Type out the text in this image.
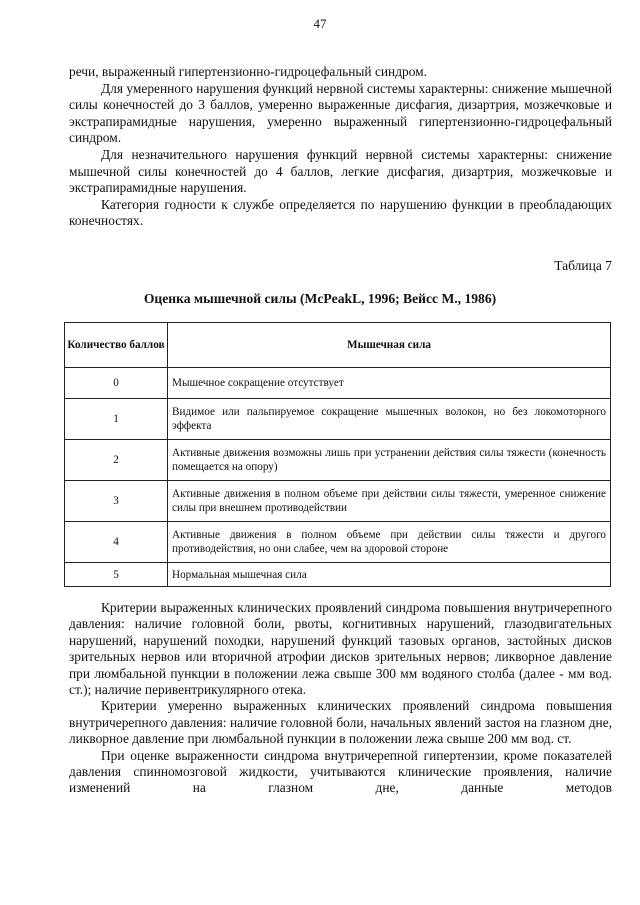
47

речи, выраженный гипертензионно-гидроцефальный синдром.

Для умеренного нарушения функций нервной системы характерны: снижение мышечной силы конечностей до 3 баллов, умеренно выраженные дисфагия, дизартрия, мозжечковые и экстрапирамидные нарушения, умеренно выраженный гипертензионно-гидроцефальный синдром.

Для незначительного нарушения функций нервной системы характерны: снижение мышечной силы конечностей до 4 баллов, легкие дисфагия, дизартрия, мозжечковые и экстрапирамидные нарушения.

Категория годности к службе определяется по нарушению функции в преобладающих конечностях.

Таблица 7
Оценка мышечной силы (McPeakL, 1996; Вейсс М., 1986)
Количество баллов	Мышечная сила
0	Мышечное сокращение отсутствует
1	Видимое или пальпируемое сокращение мышечных волокон, но без локомоторного эффекта
2	Активные движения возможны лишь при устранении действия силы тяжести (конечность помещается на опору)
3	Активные движения в полном объеме при действии силы тяжести, умеренное снижение силы при внешнем противодействии
4	Активные движения в полном объеме при действии силы тяжести и другого противодействия, но они слабее, чем на здоровой стороне
5	Нормальная мышечная сила

Критерии выраженных клинических проявлений синдрома повышения внутричерепного давления: наличие головной боли, рвоты, когнитивных нарушений, глазодвигательных нарушений, нарушений походки, нарушений функций тазовых органов, застойных дисков зрительных нервов или вторичной атрофии дисков зрительных нервов; ликворное давление при люмбальной пункции в положении лежа свыше 300 мм водяного столба (далее - мм вод. ст.); наличие перивентрикулярного отека.

Критерии умеренно выраженных клинических проявлений синдрома повышения внутричерепного давления: наличие головной боли, начальных явлений застоя на глазном дне, ликворное давление при люмбальной пункции в положении лежа свыше 200 мм вод. ст.

При оценке выраженности синдрома внутричерепной гипертензии, кроме показателей давления спинномозговой жидкости, учитываются клинические проявления, наличие изменений на глазном дне, данные методов
